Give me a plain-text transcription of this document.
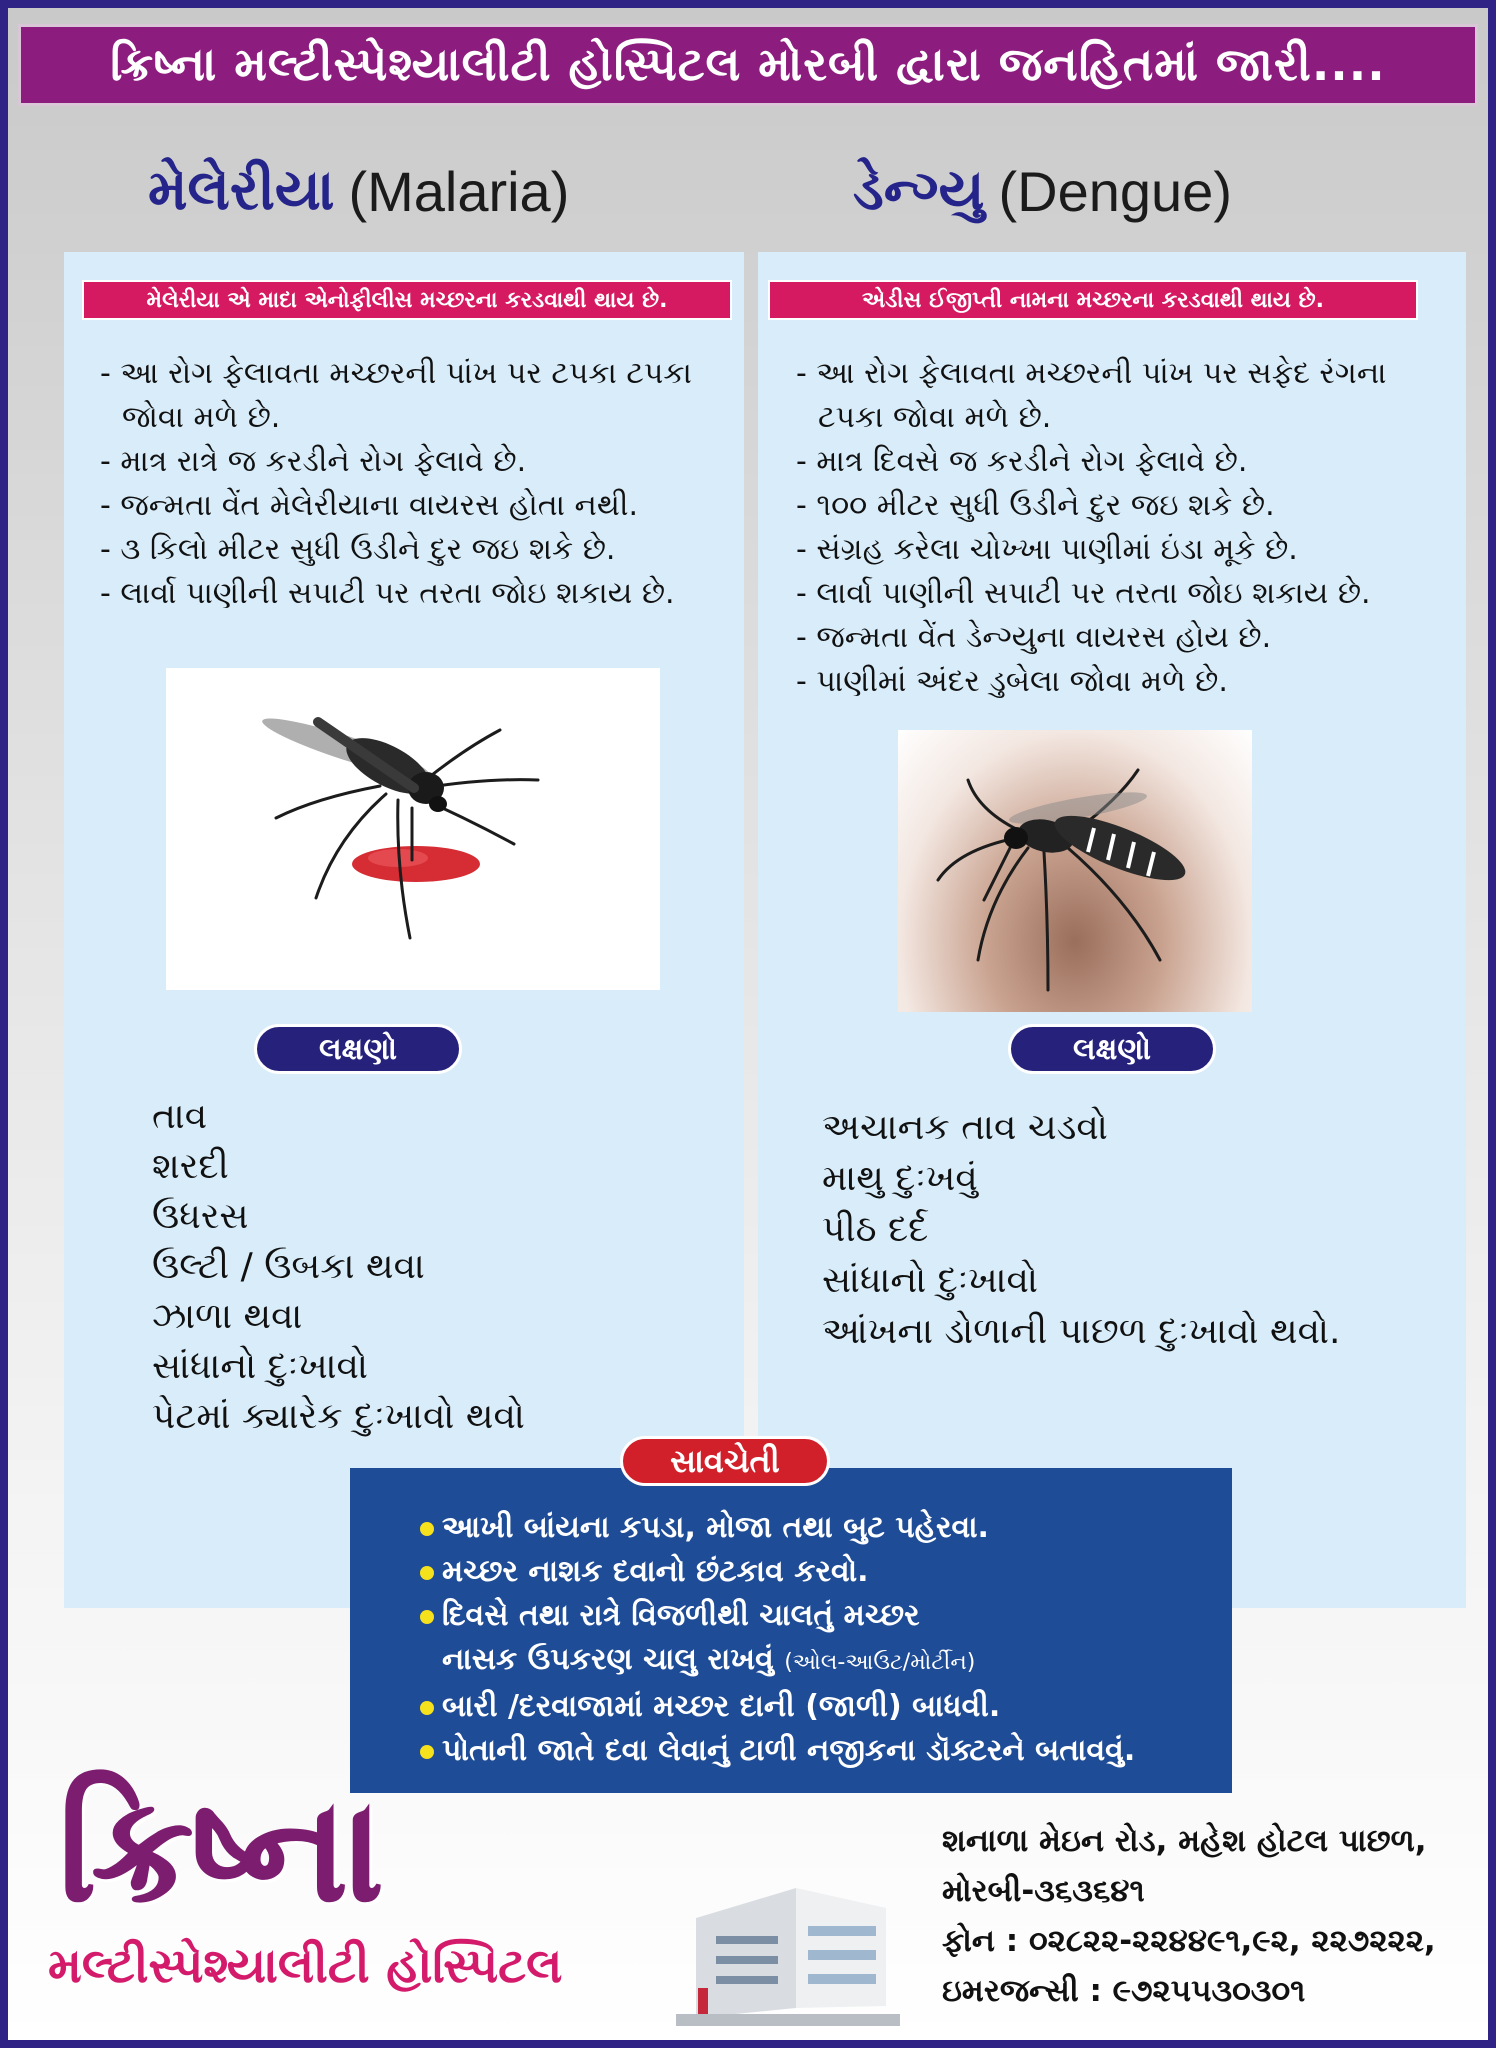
ક્રિષ્ના મલ્ટીસ્પેશ્યાલીટી હોસ્પિટલ મોરબી દ્વારા જનહિતમાં જારી....
મેલેરીયા (Malaria)	ડેન્ગ્યુ (Dengue)
મેલેરીયા એ માદા એનોફીલીસ મચ્છરના કરડવાથી થાય છે.
- આ રોગ ફેલાવતા મચ્છરની પાંખ પર ટપકા ટપકા જોવા મળે છે.
- માત્ર રાત્રે જ કરડીને રોગ ફેલાવે છે.
- જન્મતા વેંત મેલેરીયાના વાયરસ હોતા નથી.
- ૩ કિલો મીટર સુધી ઉડીને દુર જઇ શકે છે.
- લાર્વા પાણીની સપાટી પર તરતા જોઇ શકાય છે.
લક્ષણો
તાવ
શરદી
ઉધરસ
ઉલ્ટી / ઉબકા થવા
ઝાળા થવા
સાંધાનો દુઃખાવો
પેટમાં ક્યારેક દુઃખાવો થવો
એડીસ ઈજીપ્તી નામના મચ્છરના કરડવાથી થાય છે.
- આ રોગ ફેલાવતા મચ્છરની પાંખ પર સફેદ રંગના ટપકા જોવા મળે છે.
- માત્ર દિવસે જ કરડીને રોગ ફેલાવે છે.
- ૧૦૦ મીટર સુધી ઉડીને દુર જઇ શકે છે.
- સંગ્રહ કરેલા ચોખ્ખા પાણીમાં ઇંડા મૂકે છે.
- લાર્વા પાણીની સપાટી પર તરતા જોઇ શકાય છે.
- જન્મતા વેંત ડેન્ગ્યુના વાયરસ હોય છે.
- પાણીમાં અંદર ડુબેલા જોવા મળે છે.
લક્ષણો
અચાનક તાવ ચડવો
માથુ દુઃખવું
પીઠ દર્દ
સાંધાનો દુઃખાવો
આંખના ડોળાની પાછળ દુઃખાવો થવો.
સાવચેતી
આખી બાંયના કપડા, મોજા તથા બુટ પહેરવા.
મચ્છર નાશક દવાનો છંટકાવ કરવો.
દિવસે તથા રાત્રે વિજળીથી ચાલતું મચ્છર
નાસક ઉપકરણ ચાલુ રાખવું (ઓલ-આઉટ/મોર્ટીન)
બારી /દરવાજામાં મચ્છર દાની (જાળી) બાધવી.
પોતાની જાતે દવા લેવાનું ટાળી નજીકના ડૉક્ટરને બતાવવું.
ક્રિષ્ના
મલ્ટીસ્પેશ્યાલીટી હોસ્પિટલ
શનાળા મેઇન રોડ, મહેશ હોટલ પાછળ,
મોરબી-૩૬૩૬૪૧
ફોન : ૦૨૮૨૨-૨૨૪૪૯૧,૯૨, ૨૨૭૨૨૨,
ઇમરજન્સી : ૯૭૨૫૫૩૦૩૦૧
